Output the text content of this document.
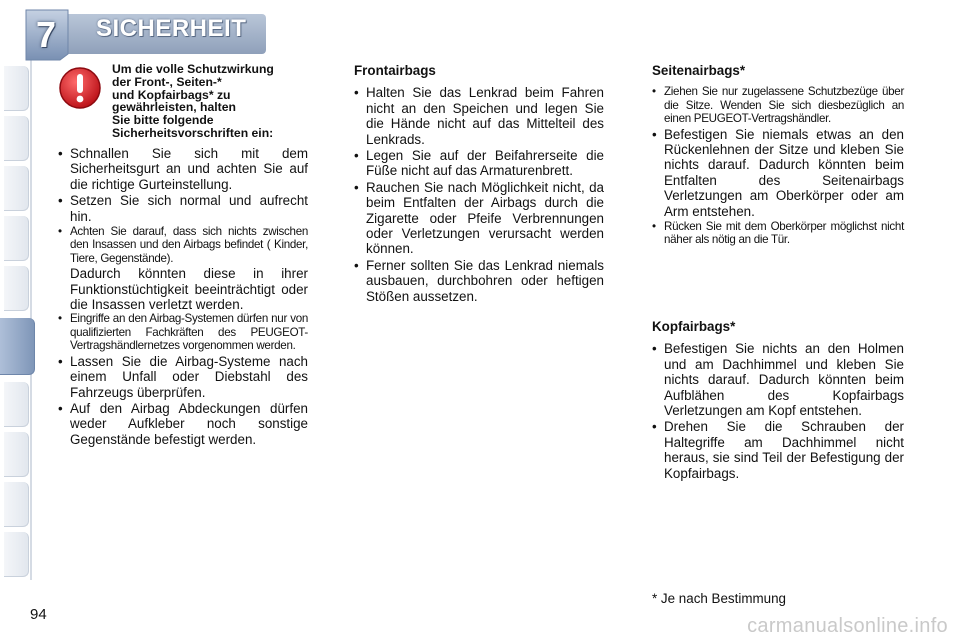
7	SICHERHEIT
Um die volle Schutzwirkung
der Front-, Seiten-*
und Kopfairbags* zu
gewährleisten, halten
Sie bitte folgende
Sicherheitsvorschriften ein:
• Schnallen Sie sich mit dem Sicherheitsgurt an und achten Sie auf die richtige Gurteinstellung.
• Setzen Sie sich normal und aufrecht hin.
• Achten Sie darauf, dass sich nichts zwischen den Insassen und den Airbags befindet ( Kinder, Tiere, Gegenstände).

Dadurch könnten diese in ihrer Funktionstüchtigkeit beeinträchtigt oder die Insassen verletzt werden.

• Eingriffe an den Airbag-Systemen dürfen nur von qualifizierten Fachkräften des PEUGEOT-Vertragshändlernetzes vorgenommen werden.
• Lassen Sie die Airbag-Systeme nach einem Unfall oder Diebstahl des Fahrzeugs überprüfen.
• Auf den Airbag Abdeckungen dürfen weder Aufkleber noch sonstige Gegenstände befestigt werden.
Frontairbags
• Halten Sie das Lenkrad beim Fahren nicht an den Speichen und legen Sie die Hände nicht auf das Mittelteil des Lenkrads.
• Legen Sie auf der Beifahrerseite die Füße nicht auf das Armaturenbrett.
• Rauchen Sie nach Möglichkeit nicht, da beim Entfalten der Airbags durch die Zigarette oder Pfeife Verbrennungen oder Verletzungen verursacht werden können.
• Ferner sollten Sie das Lenkrad niemals ausbauen, durchbohren oder heftigen Stößen aussetzen.
Seitenairbags*
• Ziehen Sie nur zugelassene Schutzbezüge über die Sitze. Wenden Sie sich diesbezüglich an einen PEUGEOT-Vertragshändler.
• Befestigen Sie niemals etwas an den Rückenlehnen der Sitze und kleben Sie nichts darauf. Dadurch könnten beim Entfalten des Seitenairbags Verletzungen am Oberkörper oder am Arm entstehen.
• Rücken Sie mit dem Oberkörper möglichst nicht näher als nötig an die Tür.
Kopfairbags*
• Befestigen Sie nichts an den Holmen und am Dachhimmel und kleben Sie nichts darauf. Dadurch könnten beim Aufblähen des Kopfairbags Verletzungen am Kopf entstehen.
• Drehen Sie die Schrauben der Haltegriffe am Dachhimmel nicht heraus, sie sind Teil der Befestigung der Kopfairbags.
* Je nach Bestimmung
94
carmanualsonline.info
